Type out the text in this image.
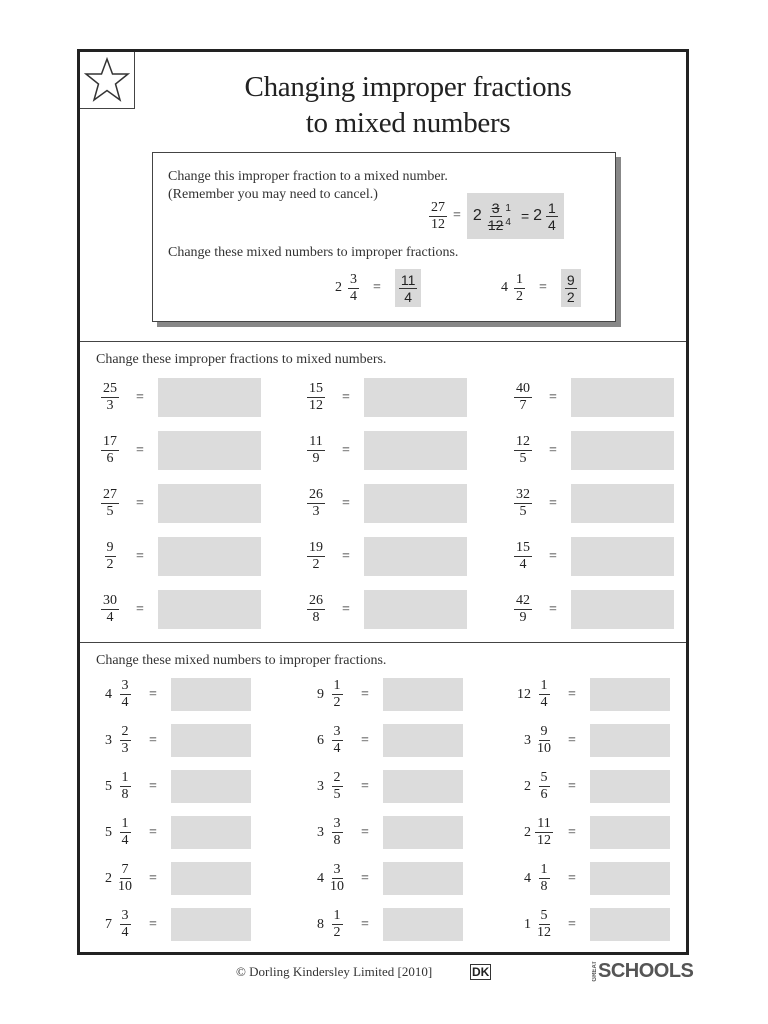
Changing improper fractions
to mixed numbers
Change this improper fraction to a mixed number.
(Remember you may need to cancel.)
$\frac{27}{12} = 2 \frac{3}{12} 1$
$4 = 2 \frac{1}{4}$
Change these mixed numbers to improper fractions.
$2 \frac{3}{4} = \frac{11}{4}$	$4 \frac{1}{2} = \frac{9}{2}$
Change these improper fractions to mixed numbers.
$\frac{25}{3}$ =	$\frac{15}{12}$ =	$\frac{40}{7}$ =
$\frac{17}{6}$ =	$\frac{11}{9}$ =	$\frac{12}{5}$ =
$\frac{27}{5}$ =	$\frac{26}{3}$ =	$\frac{32}{5}$ =
$\frac{9}{2}$ =	$\frac{19}{2}$ =	$\frac{15}{4}$ =
$\frac{30}{4}$ =	$\frac{26}{8}$ =	$\frac{42}{9}$ =
Change these mixed numbers to improper fractions.
$4 \frac{3}{4}$ =	$9 \frac{1}{2}$ =	$12 \frac{1}{4}$ =
$3 \frac{2}{3}$ =	$6 \frac{3}{4}$ =	$3 \frac{9}{10}$ =
$5 \frac{1}{8}$ =	$3 \frac{2}{5}$ =	$2 \frac{5}{6}$ =
$5 \frac{1}{4}$ =	$3 \frac{3}{8}$ =	$2 \frac{11}{12}$ =
$2 \frac{7}{10}$ =	$4 \frac{3}{10}$ =	$4 \frac{1}{8}$ =
$7 \frac{3}{4}$ =	$8 \frac{1}{2}$ =	$1 \frac{5}{12}$ =
© Dorling Kindersley Limited [2010]	DK	GREAT SCHOOLS
